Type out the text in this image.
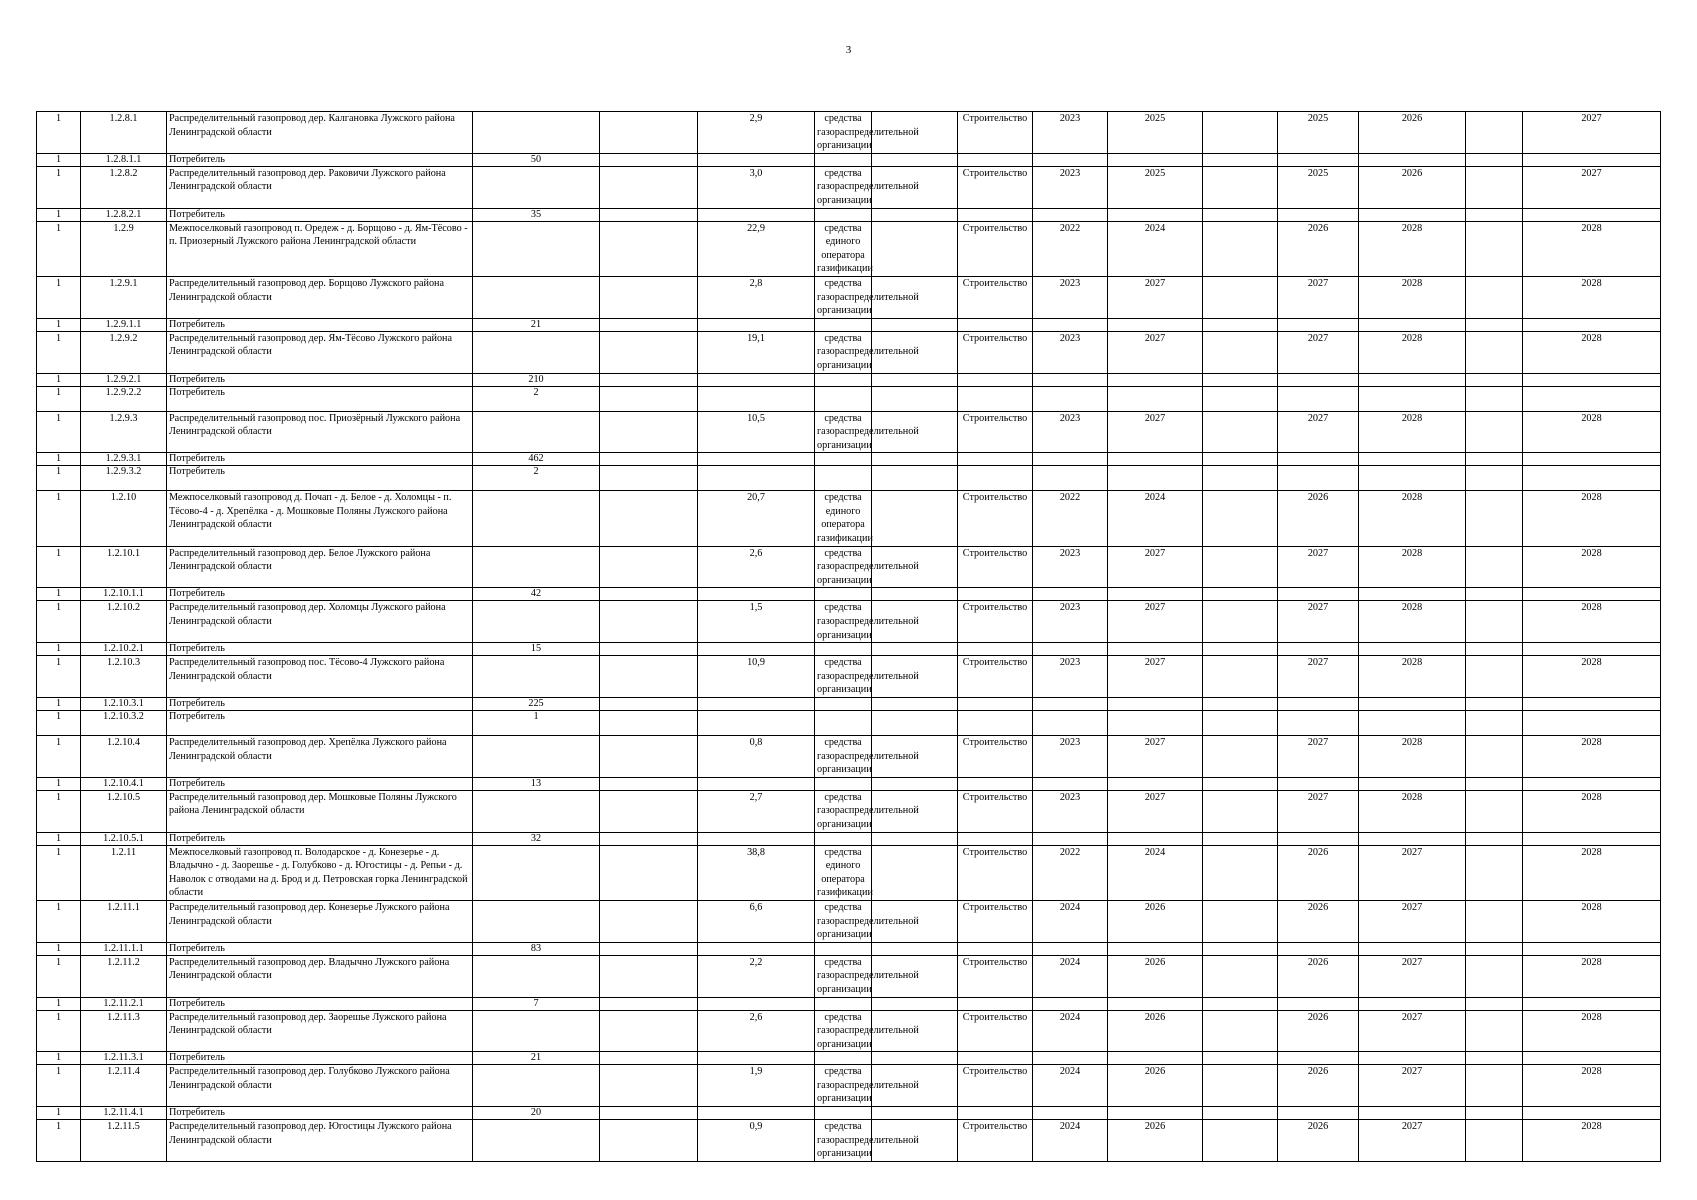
3
1	1.2.8.1	Распределительный газопровод дер. Калгановка Лужского района Ленинградской области			2,9	средства газораспределительной организации		Строительство	2023	2025		2025	2026		2027	
1	1.2.8.1.1	Потребитель	50													
1	1.2.8.2	Распределительный газопровод дер. Раковичи Лужского района Ленинградской области			3,0	средства газораспределительной организации		Строительство	2023	2025		2025	2026		2027	
1	1.2.8.2.1	Потребитель	35													
1	1.2.9	Межпоселковый газопровод п. Оредеж - д. Борщово - д. Ям-Тёсово - п. Приозерный Лужского района Ленинградской области			22,9	средства единого оператора газификации		Строительство	2022	2024		2026	2028		2028	
1	1.2.9.1	Распределительный газопровод дер. Борщово Лужского района Ленинградской области			2,8	средства газораспределительной организации		Строительство	2023	2027		2027	2028		2028	
1	1.2.9.1.1	Потребитель	21													
1	1.2.9.2	Распределительный газопровод дер. Ям-Тёсово Лужского района Ленинградской области			19,1	средства газораспределительной организации		Строительство	2023	2027		2027	2028		2028	
1	1.2.9.2.1	Потребитель	210													
1	1.2.9.2.2	Потребитель	2													
1	1.2.9.3	Распределительный газопровод пос. Приозёрный Лужского района Ленинградской области			10,5	средства газораспределительной организации		Строительство	2023	2027		2027	2028		2028	
1	1.2.9.3.1	Потребитель	462													
1	1.2.9.3.2	Потребитель	2													
1	1.2.10	Межпоселковый газопровод д. Почап - д. Белое - д. Холомцы - п. Тёсово-4 - д. Хрепёлка - д. Мошковые Поляны Лужского района Ленинградской области			20,7	средства единого оператора газификации		Строительство	2022	2024		2026	2028		2028	
1	1.2.10.1	Распределительный газопровод дер. Белое Лужского района Ленинградской области			2,6	средства газораспределительной организации		Строительство	2023	2027		2027	2028		2028	
1	1.2.10.1.1	Потребитель	42													
1	1.2.10.2	Распределительный газопровод дер. Холомцы Лужского района Ленинградской области			1,5	средства газораспределительной организации		Строительство	2023	2027		2027	2028		2028	
1	1.2.10.2.1	Потребитель	15													
1	1.2.10.3	Распределительный газопровод пос. Тёсово-4 Лужского района Ленинградской области			10,9	средства газораспределительной организации		Строительство	2023	2027		2027	2028		2028	
1	1.2.10.3.1	Потребитель	225													
1	1.2.10.3.2	Потребитель	1													
1	1.2.10.4	Распределительный газопровод дер. Хрепёлка Лужского района Ленинградской области			0,8	средства газораспределительной организации		Строительство	2023	2027		2027	2028		2028	
1	1.2.10.4.1	Потребитель	13													
1	1.2.10.5	Распределительный газопровод дер. Мошковые Поляны Лужского района Ленинградской области			2,7	средства газораспределительной организации		Строительство	2023	2027		2027	2028		2028	
1	1.2.10.5.1	Потребитель	32													
1	1.2.11	Межпоселковый газопровод п. Володарское - д. Конезерье - д. Владычно - д. Заорешье - д. Голубково - д. Югостицы - д. Репьи - д. Наволок с отводами на д. Брод и д. Петровская горка Ленинградской области			38,8	средства единого оператора газификации		Строительство	2022	2024		2026	2027		2028	
1	1.2.11.1	Распределительный газопровод дер. Конезерье Лужского района Ленинградской области			6,6	средства газораспределительной организации		Строительство	2024	2026		2026	2027		2028	
1	1.2.11.1.1	Потребитель	83													
1	1.2.11.2	Распределительный газопровод дер. Владычно Лужского района Ленинградской области			2,2	средства газораспределительной организации		Строительство	2024	2026		2026	2027		2028	
1	1.2.11.2.1	Потребитель	7													
1	1.2.11.3	Распределительный газопровод дер. Заорешье Лужского района Ленинградской области			2,6	средства газораспределительной организации		Строительство	2024	2026		2026	2027		2028	
1	1.2.11.3.1	Потребитель	21													
1	1.2.11.4	Распределительный газопровод дер. Голубково Лужского района Ленинградской области			1,9	средства газораспределительной организации		Строительство	2024	2026		2026	2027		2028	
1	1.2.11.4.1	Потребитель	20													
1	1.2.11.5	Распределительный газопровод дер. Югостицы Лужского района Ленинградской области			0,9	средства газораспределительной организации		Строительство	2024	2026		2026	2027		2028	
